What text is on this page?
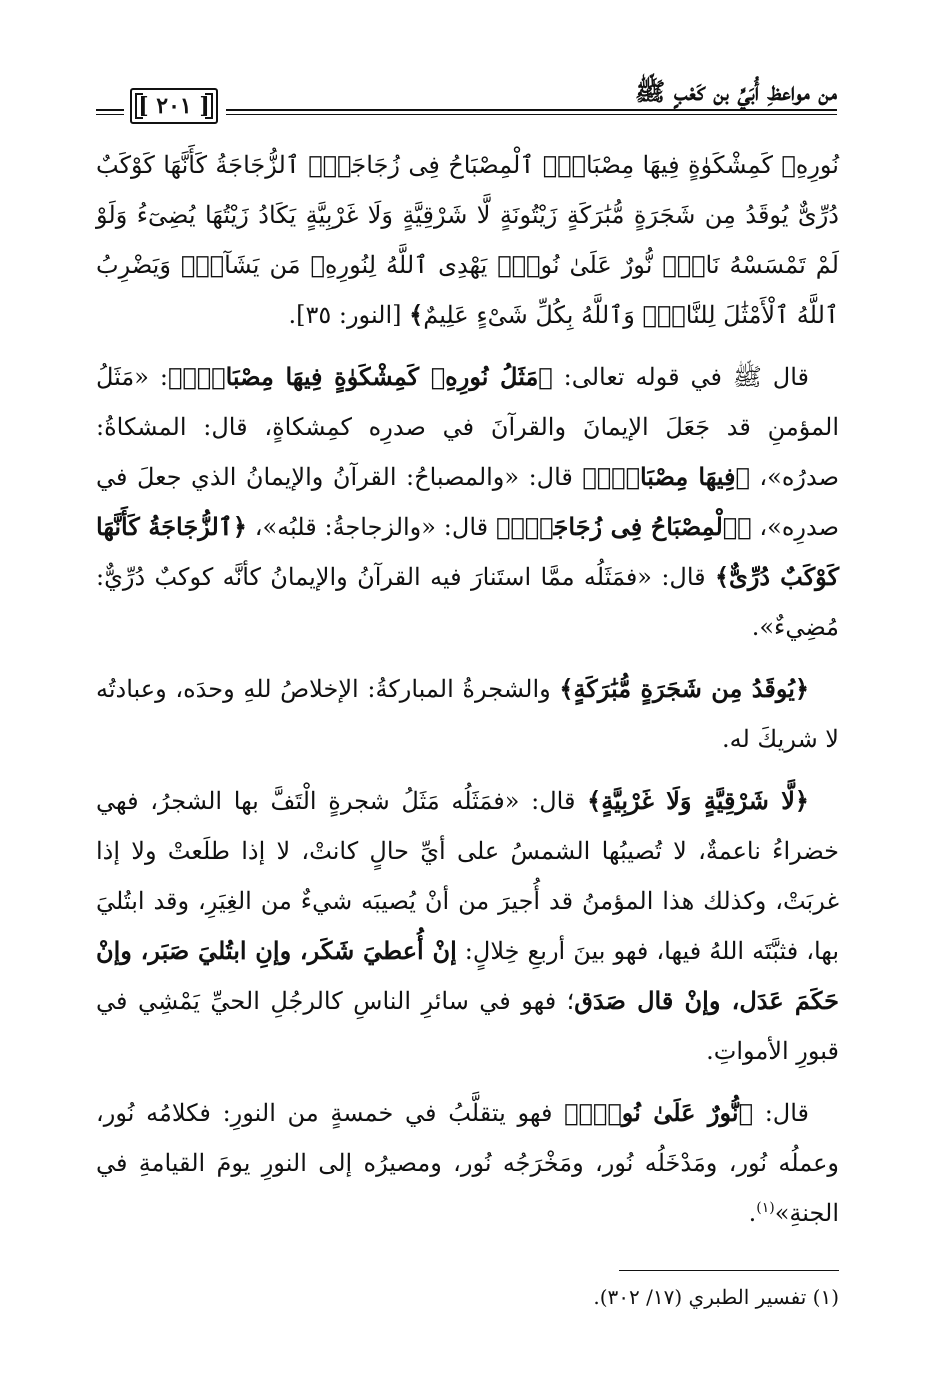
من مواعظِ أُبَيِّ بن كَعْبٍ ﷺ
[ ٢٠١ ]

نُورِهِۦ كَمِشْكَوٰةٍ فِيهَا مِصْبَاحٌۖ ٱلْمِصْبَاحُ فِى زُجَاجَةٍۖ ٱلزُّجَاجَةُ كَأَنَّهَا كَوْكَبٌ دُرِّىٌّ يُوقَدُ مِن شَجَرَةٍ مُّبَٰرَكَةٍ زَيْتُونَةٍ لَّا شَرْقِيَّةٍ وَلَا غَرْبِيَّةٍ يَكَادُ زَيْتُهَا يُضِىٓءُ وَلَوْ لَمْ تَمْسَسْهُ نَارٌۚ نُّورٌ عَلَىٰ نُورٍۗ يَهْدِى ٱللَّهُ لِنُورِهِۦ مَن يَشَآءُۚ وَيَضْرِبُ ٱللَّهُ ٱلْأَمْثَٰلَ لِلنَّاسِۗ وَٱللَّهُ بِكُلِّ شَىْءٍ عَلِيمٌ﴾ [النور: ٣٥].

قال ﷺ في قوله تعالى: ﴿مَثَلُ نُورِهِۦ كَمِشْكَوٰةٍ فِيهَا مِصْبَاحٌۖ﴾: «مَثَلُ المؤمنِ قد جَعَلَ الإيمانَ والقرآنَ في صدرِه كمِشكاةٍ، قال: المشكاةُ: صدرُه»، ﴿فِيهَا مِصْبَاحٌۖ﴾ قال: «والمصباحُ: القرآنُ والإيمانُ الذي جعلَ في صدرِه»، ﴿ٱلْمِصْبَاحُ فِى زُجَاجَةٍۖ﴾ قال: «والزجاجةُ: قلبُه»، ﴿ٱلزُّجَاجَةُ كَأَنَّهَا كَوْكَبٌ دُرِّىٌّ﴾ قال: «فمَثَلُه ممَّا استَنارَ فيه القرآنُ والإيمانُ كأنَّه كوكبٌ دُرِّيٌّ: مُضِيءٌ».

﴿يُوقَدُ مِن شَجَرَةٍ مُّبَٰرَكَةٍ﴾ والشجرةُ المباركةُ: الإخلاصُ للهِ وحدَه، وعبادتُه لا شريكَ له.

﴿لَّا شَرْقِيَّةٍ وَلَا غَرْبِيَّةٍ﴾ قال: «فمَثَلُه مَثَلُ شجرةٍ الْتَفَّ بها الشجرُ، فهي خضراءُ ناعمةٌ، لا تُصيبُها الشمسُ على أيِّ حالٍ كانتْ، لا إذا طلَعتْ ولا إذا غربَتْ، وكذلك هذا المؤمنُ قد أُجيرَ من أنْ يُصيبَه شيءٌ من الغِيَرِ، وقد ابتُليَ بها، فثبَّتَه اللهُ فيها، فهو بينَ أربعِ خِلالٍ: إنْ أُعطيَ شَكَر، وإنِ ابتُليَ صَبَر، وإنْ حَكَمَ عَدَل، وإنْ قال صَدَق؛ فهو في سائرِ الناسِ كالرجُلِ الحيِّ يَمْشِي في قبورِ الأمواتِ.

قال: ﴿نُّورٌ عَلَىٰ نُورٍۗ﴾ فهو يتقلَّبُ في خمسةٍ من النورِ: فكلامُه نُور، وعملُه نُور، ومَدْخَلُه نُور، ومَخْرَجُه نُور، ومصيرُه إلى النورِ يومَ القيامةِ في الجنةِ»$^{(١)}$.

(١) تفسير الطبري (١٧/ ٣٠٢).
